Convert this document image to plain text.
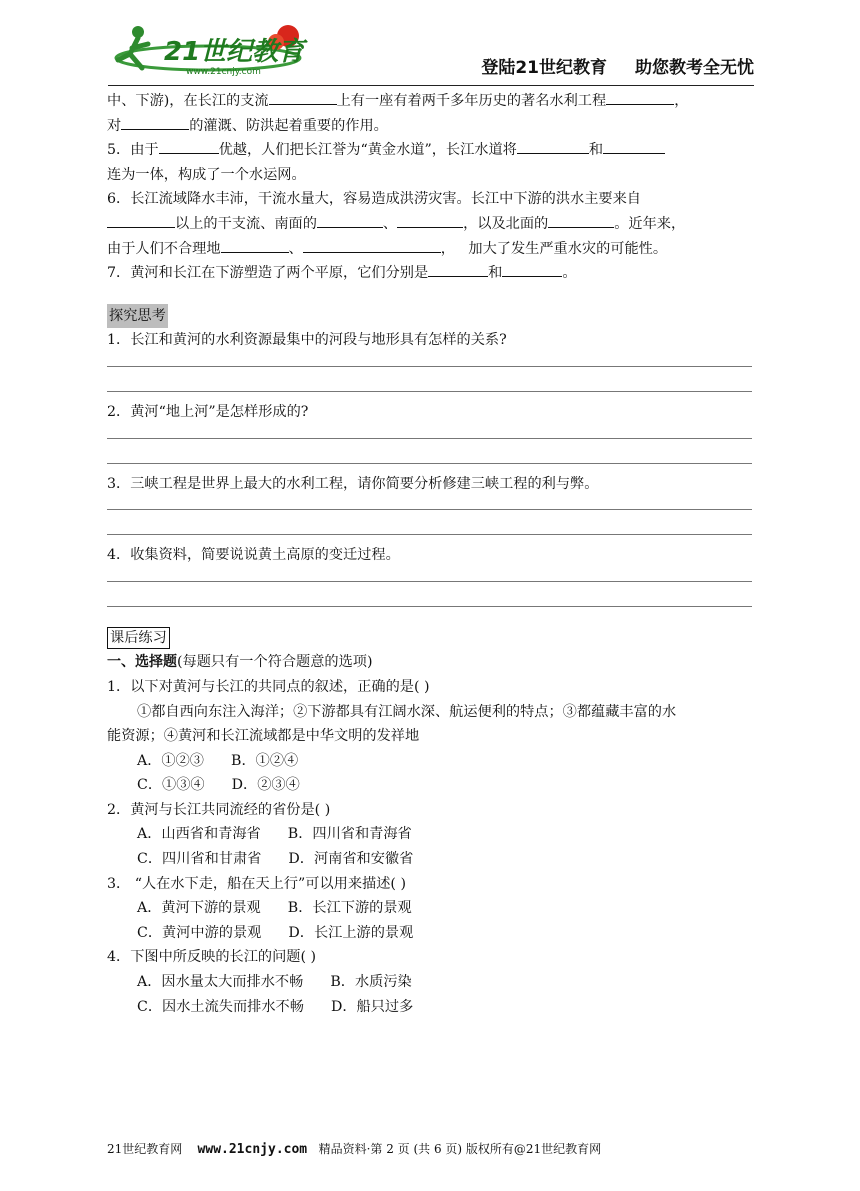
21世纪教育
www.21cnjy.com	登陆21世纪教育 助您教考全无忧

中、下游)，在长江的支流	上有一座有着两千多年历史的著名水利工程	，

对	的灌溉、防洪起着重要的作用。

5．由于	优越，人们把长江誉为“黄金水道”，长江水道将	和

连为一体，构成了一个水运网。

6．长江流域降水丰沛，干流水量大，容易造成洪涝灾害。长江中下游的洪水主要来自

以上的干支流、南面的	、	，以及北面的	。近年来，

由于人们不合理地	、	，   加大了发生严重水灾的可能性。

7．黄河和长江在下游塑造了两个平原，它们分别是	和	。

探究思考

1．长江和黄河的水利资源最集中的河段与地形具有怎样的关系?

2．黄河“地上河”是怎样形成的?

3．三峡工程是世界上最大的水利工程，请你简要分析修建三峡工程的利与弊。

4．收集资料，简要说说黄土高原的变迁过程。

课后练习

一、选择题(每题只有一个符合题意的选项)

1．以下对黄河与长江的共同点的叙述，正确的是( )

①都自西向东注入海洋；②下游都具有江阔水深、航运便利的特点；③都蕴藏丰富的水

能资源；④黄河和长江流域都是中华文明的发祥地

A．①②③      B．①②④

C．①③④      D．②③④

2．黄河与长江共同流经的省份是( )

A．山西省和青海省      B．四川省和青海省

C．四川省和甘肃省      D．河南省和安徽省

3． “人在水下走，船在天上行”可以用来描述( )

A．黄河下游的景观      B．长江下游的景观

C．黄河中游的景观      D．长江上游的景观

4．下图中所反映的长江的问题( )

A．因水量太大而排水不畅      B．水质污染

C．因水土流失而排水不畅      D．船只过多

21世纪教育网 www.21cnjy.com 精品资料·第 2 页 (共 6 页) 版权所有@21世纪教育网
